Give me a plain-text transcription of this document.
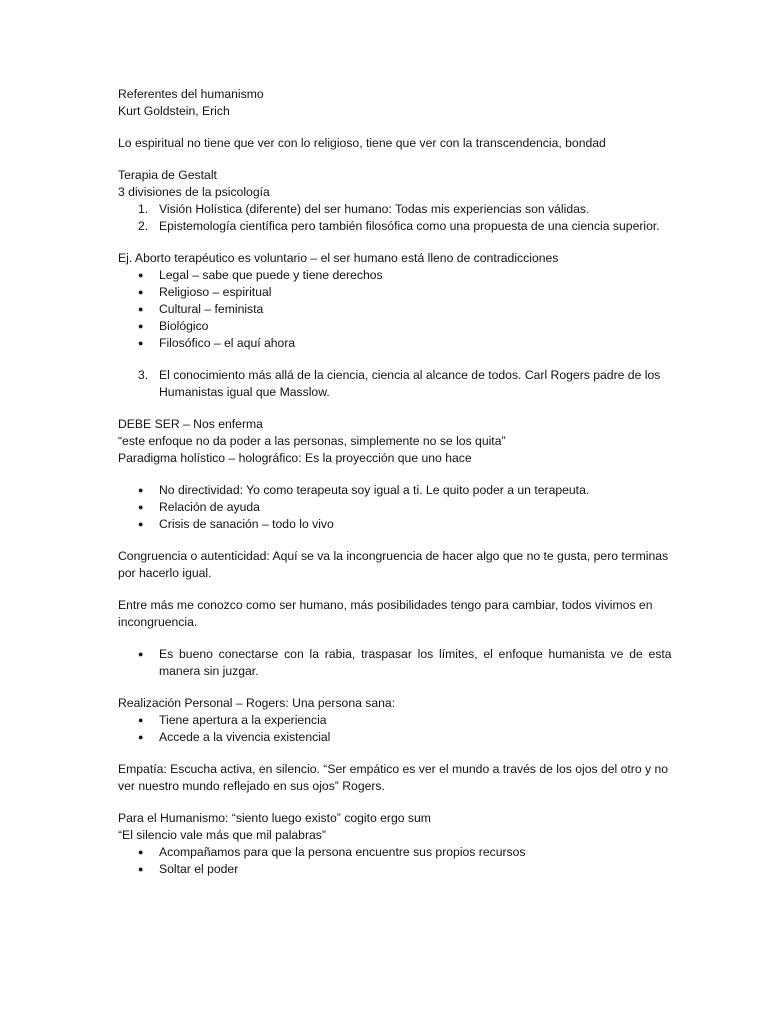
Referentes del humanismo
Kurt Goldstein, Erich
Lo espiritual no tiene que ver con lo religioso, tiene que ver con la transcendencia, bondad
Terapia de Gestalt
3 divisiones de la psicología
1. Visión Holística (diferente) del ser humano: Todas mis experiencias son válidas.
2. Epistemología científica pero también filosófica como una propuesta de una ciencia superior.
Ej. Aborto terapéutico es voluntario – el ser humano está lleno de contradicciones
● Legal – sabe que puede y tiene derechos
● Religioso – espiritual
● Cultural – feminista
● Biológico
● Filosófico – el aquí ahora
3. El conocimiento más allá de la ciencia, ciencia al alcance de todos. Carl Rogers padre de los
Humanistas igual que Masslow.
DEBE SER – Nos enferma
“este enfoque no da poder a las personas, simplemente no se los quita”
Paradigma holístico – holográfico: Es la proyección que uno hace
● No directividad: Yo como terapeuta soy igual a ti. Le quito poder a un terapeuta.
● Relación de ayuda
● Crisis de sanación – todo lo vivo
Congruencia o autenticidad: Aquí se va la incongruencia de hacer algo que no te gusta, pero terminas
por hacerlo igual.
Entre más me conozco como ser humano, más posibilidades tengo para cambiar, todos vivimos en
incongruencia.
● Es bueno conectarse con la rabia, traspasar los límites, el enfoque humanista ve de esta
manera sin juzgar.
Realización Personal – Rogers: Una persona sana:
● Tiene apertura a la experiencia
● Accede a la vivencia existencial
Empatía: Escucha activa, en silencio. “Ser empático es ver el mundo a través de los ojos del otro y no
ver nuestro mundo reflejado en sus ojos” Rogers.
Para el Humanismo: “siento luego existo” cogito ergo sum
“El silencio vale más que mil palabras”
● Acompañamos para que la persona encuentre sus propios recursos
● Soltar el poder
